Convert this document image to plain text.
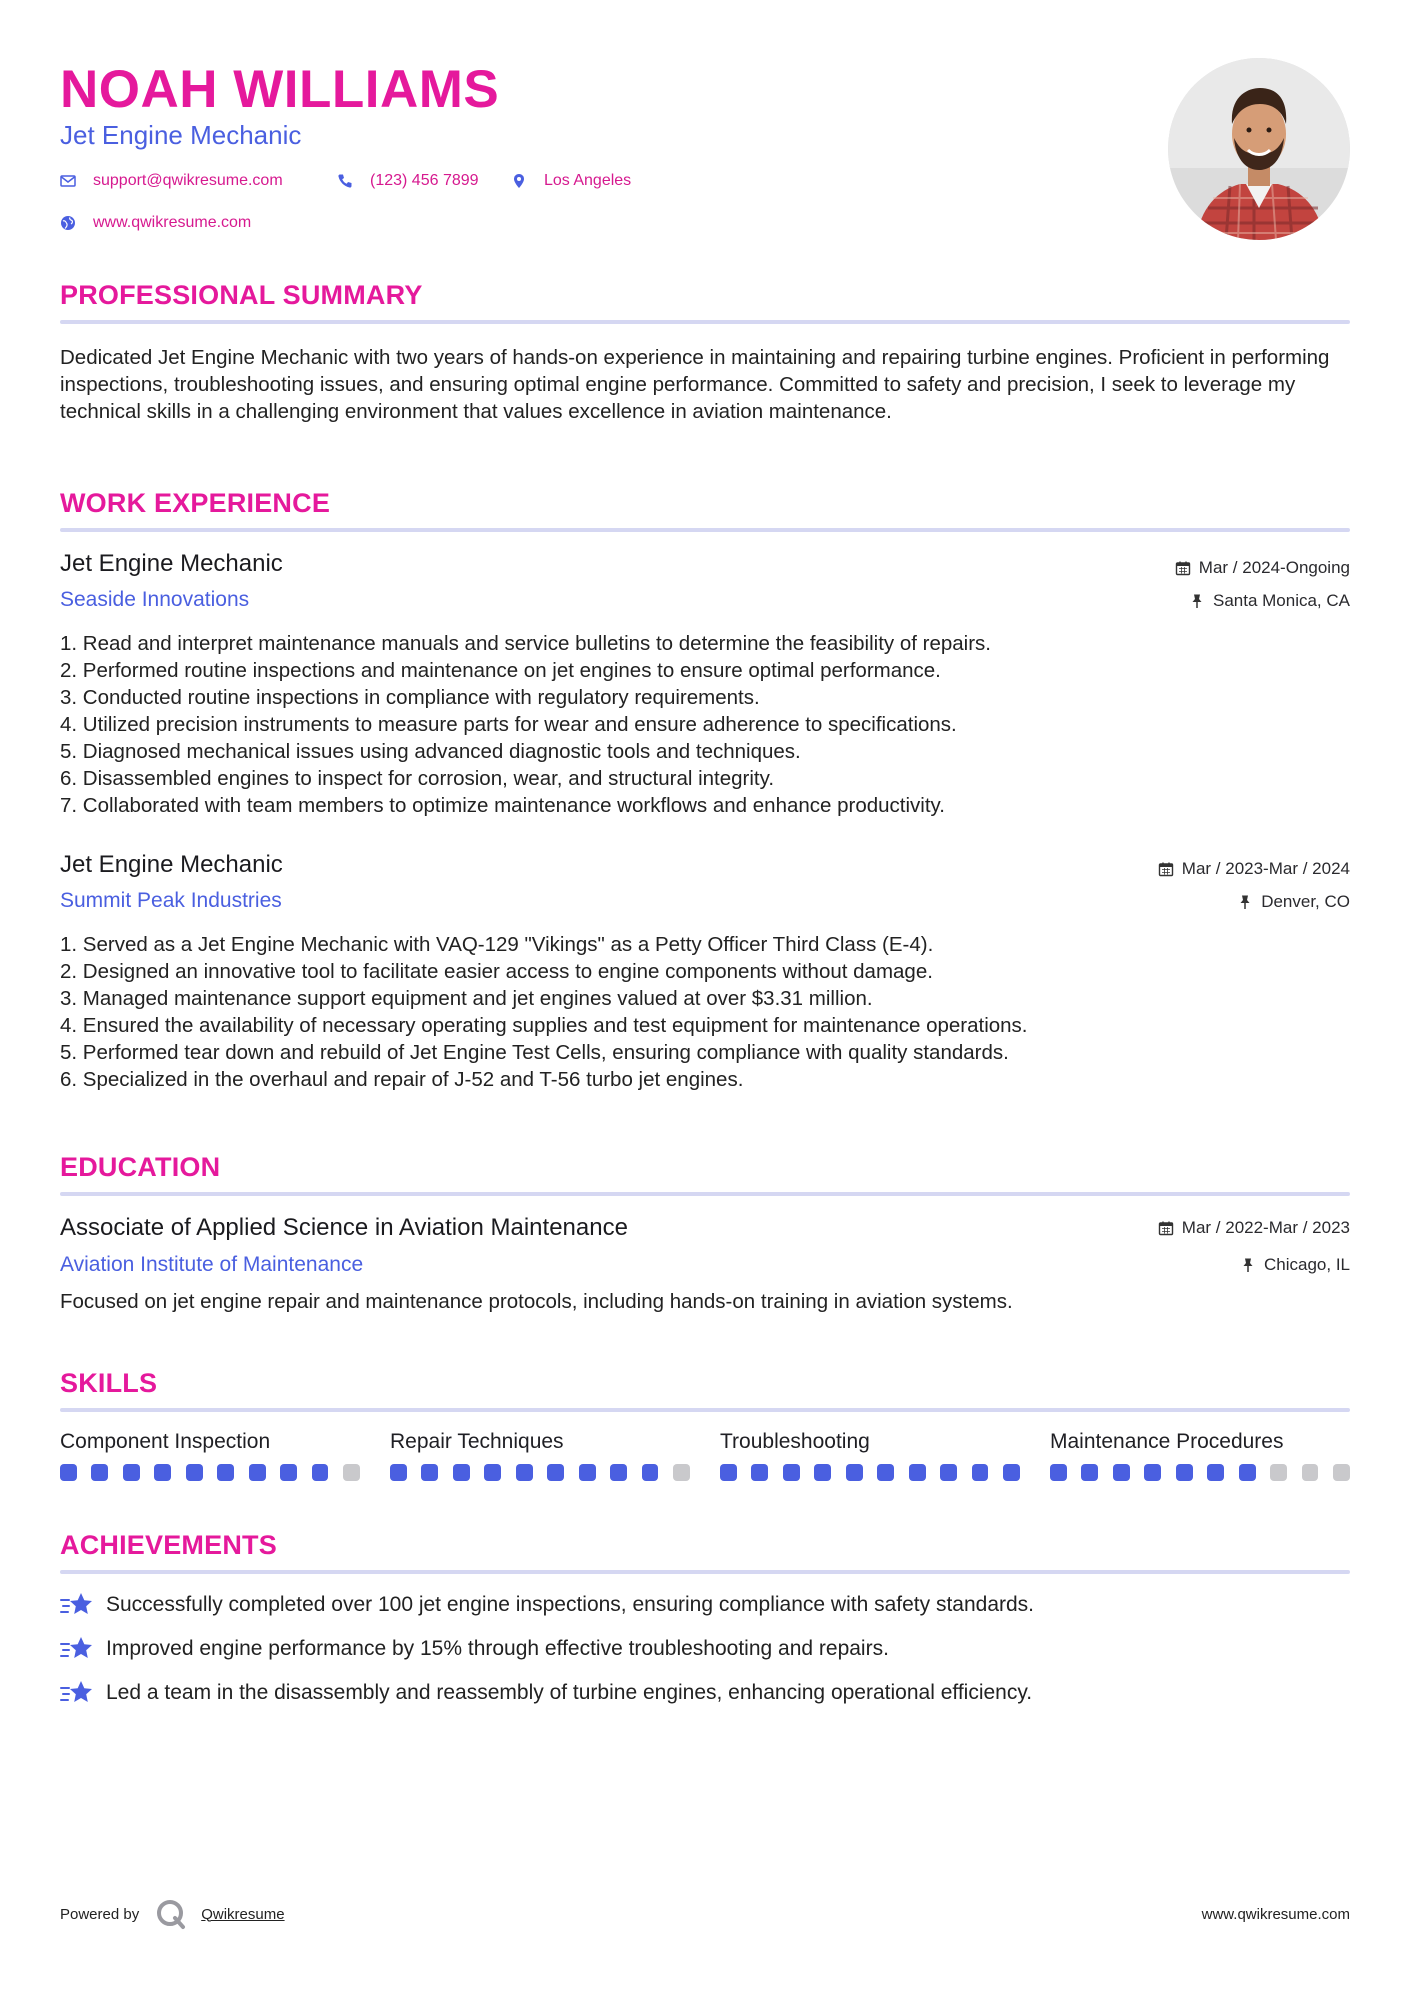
NOAH WILLIAMS
Jet Engine Mechanic
support@qwikresume.com	(123) 456 7899	Los Angeles
www.qwikresume.com
PROFESSIONAL SUMMARY
Dedicated Jet Engine Mechanic with two years of hands-on experience in maintaining and repairing turbine engines. Proficient in performing inspections, troubleshooting issues, and ensuring optimal engine performance. Committed to safety and precision, I seek to leverage my technical skills in a challenging environment that values excellence in aviation maintenance.
WORK EXPERIENCE
Jet Engine Mechanic	Mar / 2024-Ongoing
Seaside Innovations	Santa Monica, CA
1. Read and interpret maintenance manuals and service bulletins to determine the feasibility of repairs.
2. Performed routine inspections and maintenance on jet engines to ensure optimal performance.
3. Conducted routine inspections in compliance with regulatory requirements.
4. Utilized precision instruments to measure parts for wear and ensure adherence to specifications.
5. Diagnosed mechanical issues using advanced diagnostic tools and techniques.
6. Disassembled engines to inspect for corrosion, wear, and structural integrity.
7. Collaborated with team members to optimize maintenance workflows and enhance productivity.
Jet Engine Mechanic	Mar / 2023-Mar / 2024
Summit Peak Industries	Denver, CO
1. Served as a Jet Engine Mechanic with VAQ-129 "Vikings" as a Petty Officer Third Class (E-4).
2. Designed an innovative tool to facilitate easier access to engine components without damage.
3. Managed maintenance support equipment and jet engines valued at over $3.31 million.
4. Ensured the availability of necessary operating supplies and test equipment for maintenance operations.
5. Performed tear down and rebuild of Jet Engine Test Cells, ensuring compliance with quality standards.
6. Specialized in the overhaul and repair of J-52 and T-56 turbo jet engines.
EDUCATION
Associate of Applied Science in Aviation Maintenance	Mar / 2022-Mar / 2023
Aviation Institute of Maintenance	Chicago, IL
Focused on jet engine repair and maintenance protocols, including hands-on training in aviation systems.
SKILLS
Component Inspection	Repair Techniques	Troubleshooting	Maintenance Procedures
ACHIEVEMENTS
Successfully completed over 100 jet engine inspections, ensuring compliance with safety standards.
Improved engine performance by 15% through effective troubleshooting and repairs.
Led a team in the disassembly and reassembly of turbine engines, enhancing operational efficiency.
Powered by	Qwikresume	www.qwikresume.com
